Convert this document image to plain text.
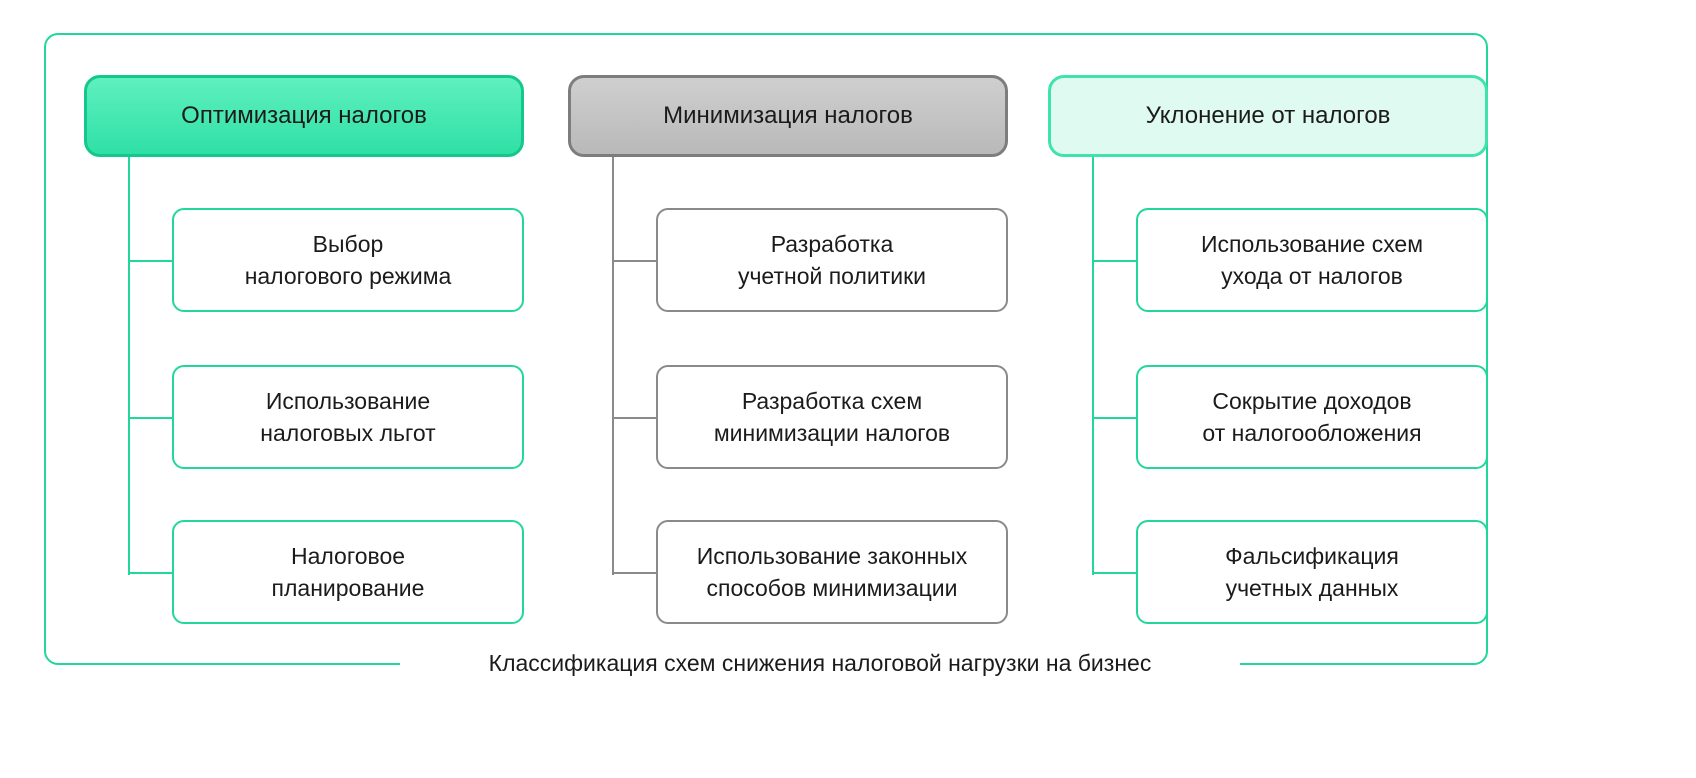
Оптимизация налогов
Выбор
налогового режима
Использование
налоговых льгот
Налоговое
планирование
Минимизация налогов
Разработка
учетной политики
Разработка схем
минимизации налогов
Использование законных
способов минимизации
Уклонение от налогов
Использование схем
ухода от налогов
Сокрытие доходов
от налогообложения
Фальсификация
учетных данных
Классификация схем снижения налоговой нагрузки на бизнес
